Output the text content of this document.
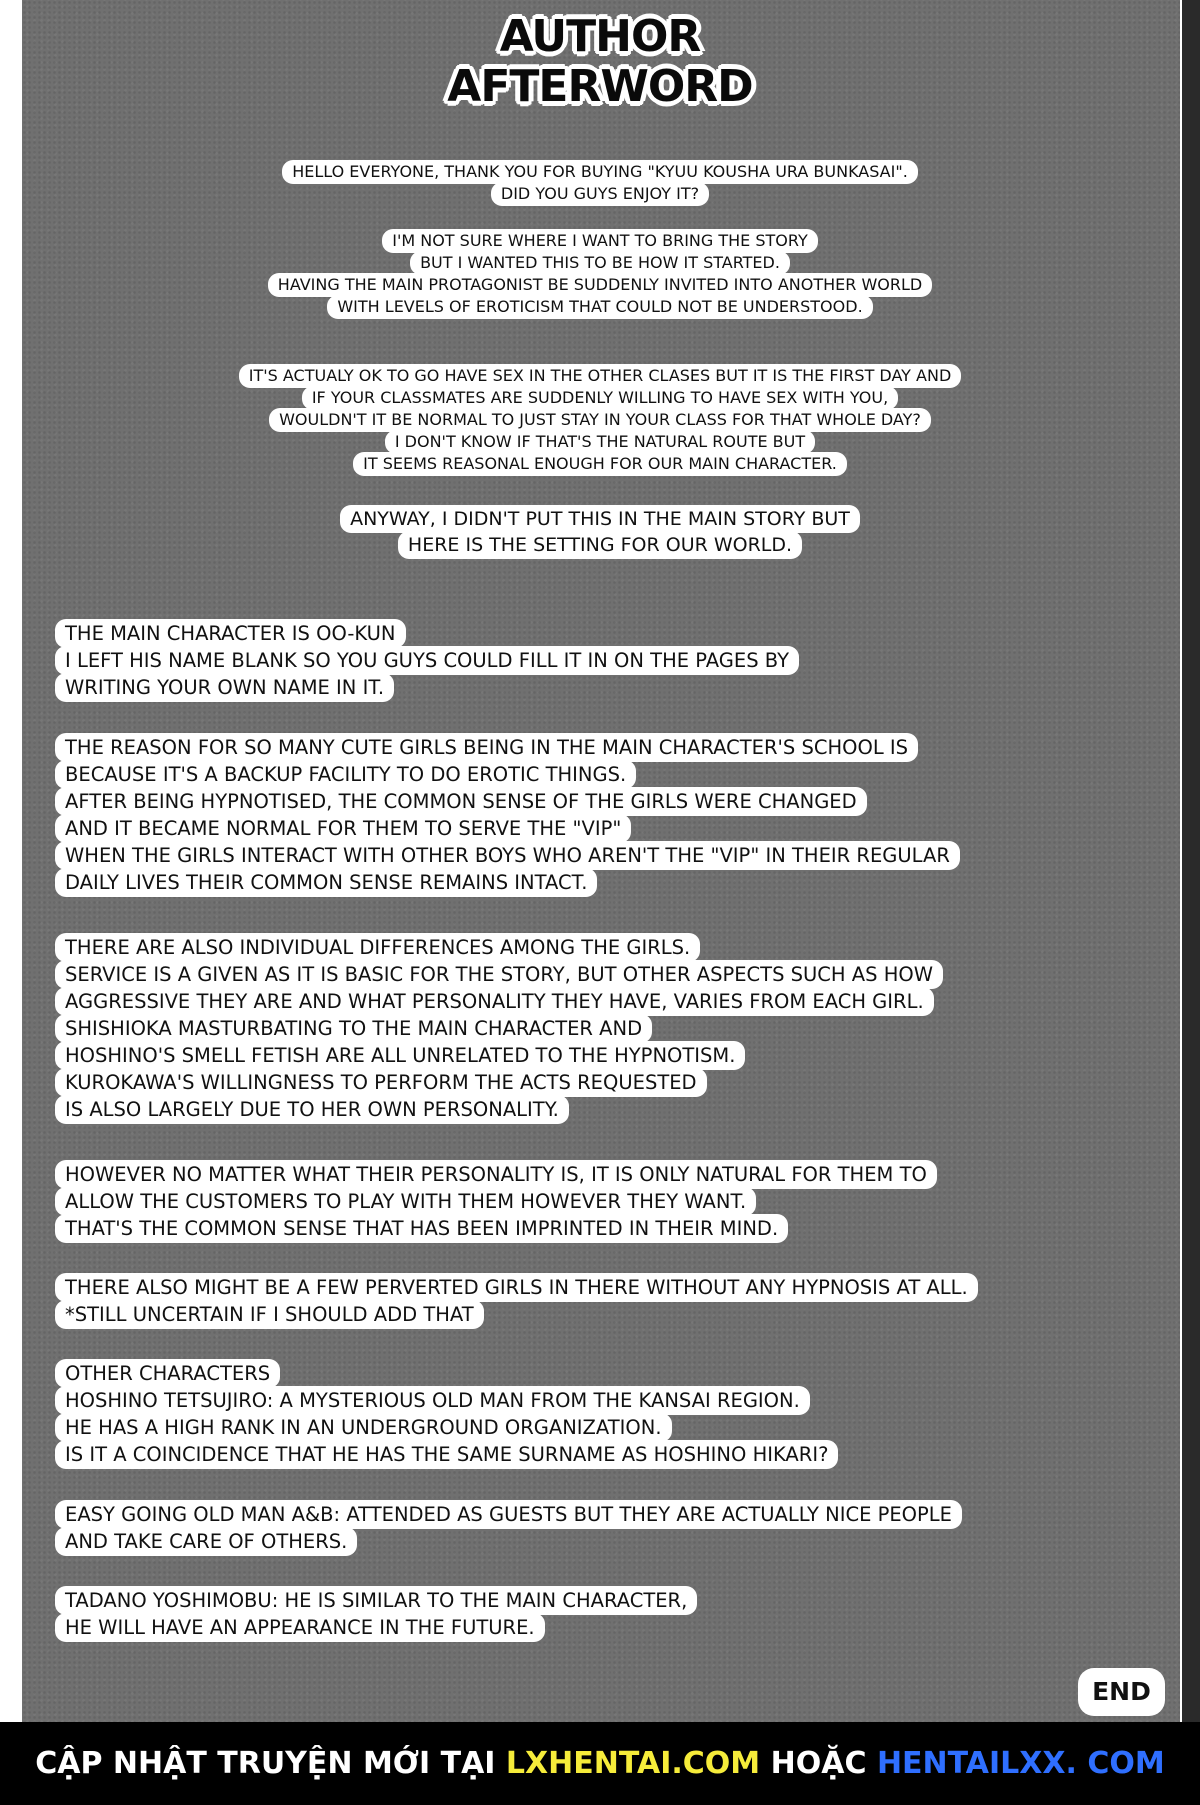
AUTHOR
AFTERWORD
HELLO EVERYONE, THANK YOU FOR BUYING "KYUU KOUSHA URA BUNKASAI".
DID YOU GUYS ENJOY IT?
I'M NOT SURE WHERE I WANT TO BRING THE STORY
BUT I WANTED THIS TO BE HOW IT STARTED.
HAVING THE MAIN PROTAGONIST BE SUDDENLY INVITED INTO ANOTHER WORLD
WITH LEVELS OF EROTICISM THAT COULD NOT BE UNDERSTOOD.
IT'S ACTUALY OK TO GO HAVE SEX IN THE OTHER CLASES BUT IT IS THE FIRST DAY AND
IF YOUR CLASSMATES ARE SUDDENLY WILLING TO HAVE SEX WITH YOU,
WOULDN'T IT BE NORMAL TO JUST STAY IN YOUR CLASS FOR THAT WHOLE DAY?
I DON'T KNOW IF THAT'S THE NATURAL ROUTE BUT
IT SEEMS REASONAL ENOUGH FOR OUR MAIN CHARACTER.
ANYWAY, I DIDN'T PUT THIS IN THE MAIN STORY BUT
HERE IS THE SETTING FOR OUR WORLD.
THE MAIN CHARACTER IS OO-KUN
I LEFT HIS NAME BLANK SO YOU GUYS COULD FILL IT IN ON THE PAGES BY
WRITING YOUR OWN NAME IN IT.
THE REASON FOR SO MANY CUTE GIRLS BEING IN THE MAIN CHARACTER'S SCHOOL IS
BECAUSE IT'S A BACKUP FACILITY TO DO EROTIC THINGS.
AFTER BEING HYPNOTISED, THE COMMON SENSE OF THE GIRLS WERE CHANGED
AND IT BECAME NORMAL FOR THEM TO SERVE THE "VIP"
WHEN THE GIRLS INTERACT WITH OTHER BOYS WHO AREN'T THE "VIP" IN THEIR REGULAR
DAILY LIVES THEIR COMMON SENSE REMAINS INTACT.
THERE ARE ALSO INDIVIDUAL DIFFERENCES AMONG THE GIRLS.
SERVICE IS A GIVEN AS IT IS BASIC FOR THE STORY, BUT OTHER ASPECTS SUCH AS HOW
AGGRESSIVE THEY ARE AND WHAT PERSONALITY THEY HAVE, VARIES FROM EACH GIRL.
SHISHIOKA MASTURBATING TO THE MAIN CHARACTER AND
HOSHINO'S SMELL FETISH ARE ALL UNRELATED TO THE HYPNOTISM.
KUROKAWA'S WILLINGNESS TO PERFORM THE ACTS REQUESTED
IS ALSO LARGELY DUE TO HER OWN PERSONALITY.
HOWEVER NO MATTER WHAT THEIR PERSONALITY IS, IT IS ONLY NATURAL FOR THEM TO
ALLOW THE CUSTOMERS TO PLAY WITH THEM HOWEVER THEY WANT.
THAT'S THE COMMON SENSE THAT HAS BEEN IMPRINTED IN THEIR MIND.
THERE ALSO MIGHT BE A FEW PERVERTED GIRLS IN THERE WITHOUT ANY HYPNOSIS AT ALL.
*STILL UNCERTAIN IF I SHOULD ADD THAT
OTHER CHARACTERS
HOSHINO TETSUJIRO: A MYSTERIOUS OLD MAN FROM THE KANSAI REGION.
HE HAS A HIGH RANK IN AN UNDERGROUND ORGANIZATION.
IS IT A COINCIDENCE THAT HE HAS THE SAME SURNAME AS HOSHINO HIKARI?
EASY GOING OLD MAN A&B: ATTENDED AS GUESTS BUT THEY ARE ACTUALLY NICE PEOPLE
AND TAKE CARE OF OTHERS.
TADANO YOSHIMOBU: HE IS SIMILAR TO THE MAIN CHARACTER,
HE WILL HAVE AN APPEARANCE IN THE FUTURE.
END
CẬP NHẬT TRUYỆN MỚI TẠI LXHENTAI.COM HOẶC HENTAILXX. COM
